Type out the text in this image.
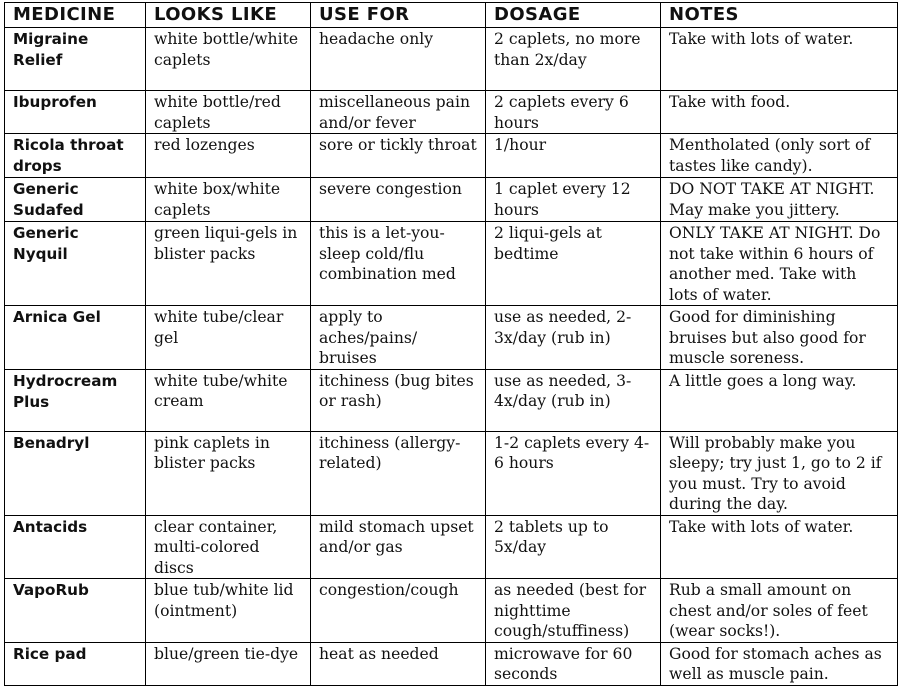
MEDICINE	LOOKS LIKE	USE FOR	DOSAGE	NOTES

Migraine Relief	white bottle/white caplets	headache only	2 caplets, no more than 2x/day	Take with lots of water.

Ibuprofen	white bottle/red caplets	miscellaneous pain and/or fever	2 caplets every 6 hours	Take with food.

Ricola throat drops	red lozenges	sore or tickly throat	1/hour	Mentholated (only sort of tastes like candy).

Generic Sudafed	white box/white caplets	severe congestion	1 caplet every 12 hours	DO NOT TAKE AT NIGHT. May make you jittery.

Generic Nyquil	green liqui-gels in blister packs	this is a let-you-sleep cold/flu combination med	2 liqui-gels at bedtime	ONLY TAKE AT NIGHT. Do not take within 6 hours of another med. Take with lots of water.

Arnica Gel	white tube/clear gel	apply to aches/pains/ bruises	use as needed, 2-3x/day (rub in)	Good for diminishing bruises but also good for muscle soreness.

Hydrocream Plus	white tube/white cream	itchiness (bug bites or rash)	use as needed, 3-4x/day (rub in)	A little goes a long way.

Benadryl	pink caplets in blister packs	itchiness (allergy-related)	1-2 caplets every 4-6 hours	Will probably make you sleepy; try just 1, go to 2 if you must. Try to avoid during the day.

Antacids	clear container, multi-colored discs	mild stomach upset and/or gas	2 tablets up to 5x/day	Take with lots of water.

VapoRub	blue tub/white lid (ointment)	congestion/cough	as needed (best for nighttime cough/stuffiness)	Rub a small amount on chest and/or soles of feet (wear socks!).

Rice pad	blue/green tie-dye	heat as needed	microwave for 60 seconds	Good for stomach aches as well as muscle pain.
